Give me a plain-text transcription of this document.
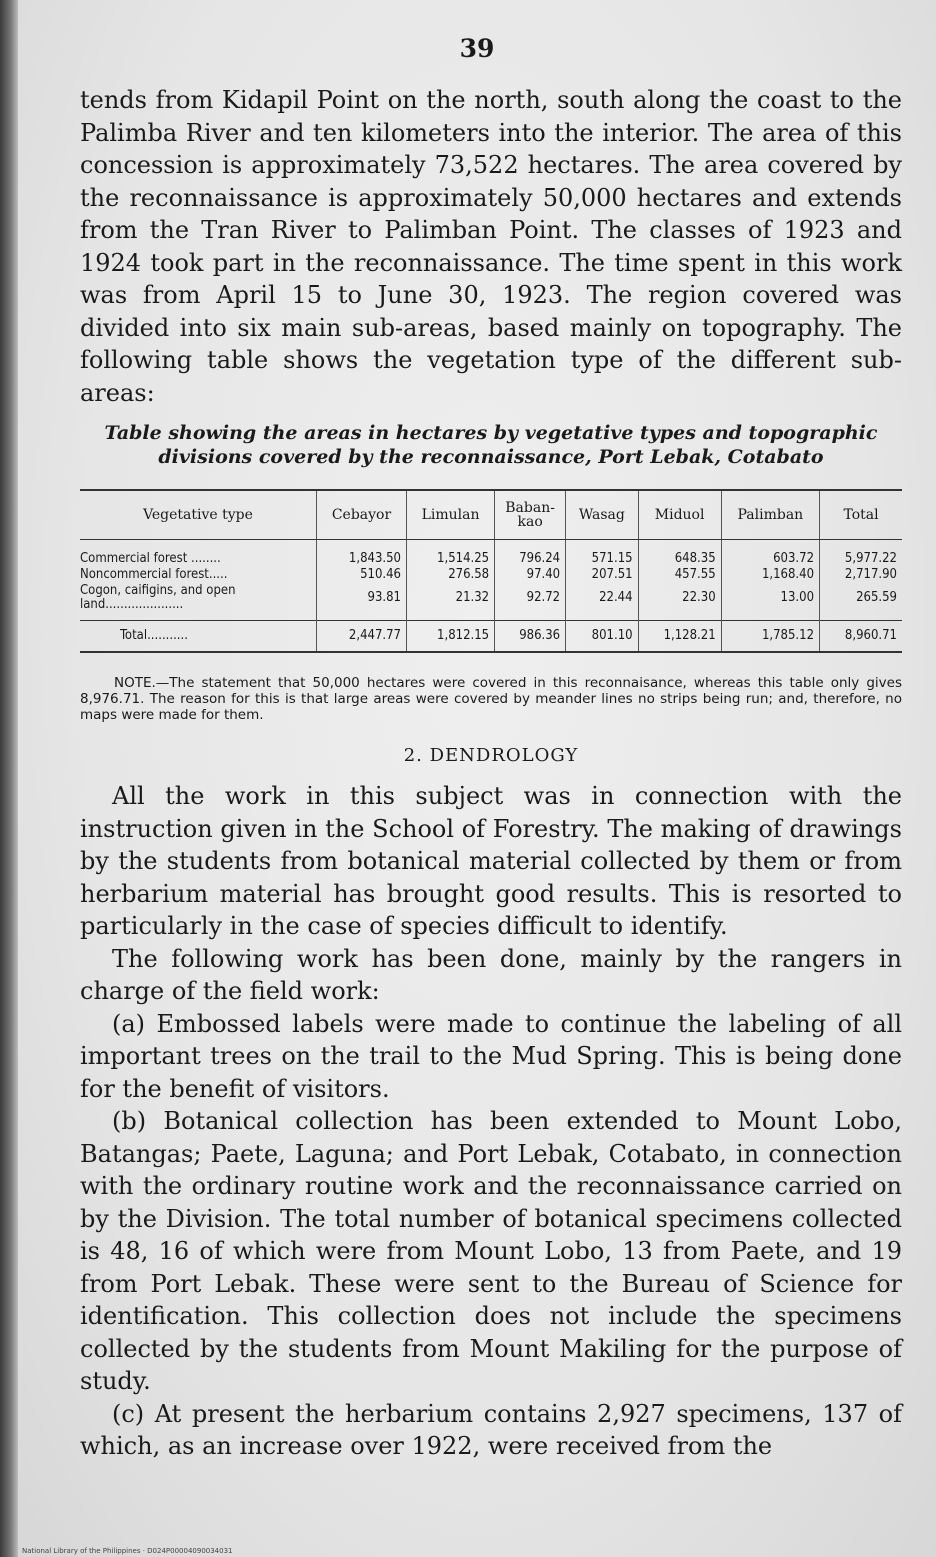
39

tends from Kidapil Point on the north, south along the coast to the Palimba River and ten kilometers into the interior. The area of this concession is approximately 73,522 hectares. The area covered by the reconnaissance is approximately 50,000 hectares and extends from the Tran River to Palimban Point. The classes of 1923 and 1924 took part in the reconnaissance. The time spent in this work was from April 15 to June 30, 1923. The region covered was divided into six main sub-areas, based mainly on topography. The following table shows the vegetation type of the different sub-areas:

Table showing the areas in hectares by vegetative types and topographic divisions covered by the reconnaissance, Port Lebak, Cotabato

Vegetative type	Cebayor	Limulan	Baban-kao	Wasag	Miduol	Palimban	Total
Commercial forest ........	1,843.50	1,514.25	796.24	571.15	648.35	603.72	5,977.22
Noncommercial forest.....	510.46	276.58	97.40	207.51	457.55	1,168.40	2,717.90
Cogon, caifigins, and open land.....................	93.81	21.32	92.72	22.44	22.30	13.00	265.59
Total...........	2,447.77	1,812.15	986.36	801.10	1,128.21	1,785.12	8,960.71

NOTE.—The statement that 50,000 hectares were covered in this reconnaisance, whereas this table only gives 8,976.71. The reason for this is that large areas were covered by meander lines no strips being run; and, therefore, no maps were made for them.

2. DENDROLOGY

All the work in this subject was in connection with the instruction given in the School of Forestry. The making of drawings by the students from botanical material collected by them or from herbarium material has brought good results. This is resorted to particularly in the case of species difficult to identify.

The following work has been done, mainly by the rangers in charge of the field work:

(a) Embossed labels were made to continue the labeling of all important trees on the trail to the Mud Spring. This is being done for the benefit of visitors.

(b) Botanical collection has been extended to Mount Lobo, Batangas; Paete, Laguna; and Port Lebak, Cotabato, in connection with the ordinary routine work and the reconnaissance carried on by the Division. The total number of botanical specimens collected is 48, 16 of which were from Mount Lobo, 13 from Paete, and 19 from Port Lebak. These were sent to the Bureau of Science for identification. This collection does not include the specimens collected by the students from Mount Makiling for the purpose of study.

(c) At present the herbarium contains 2,927 specimens, 137 of which, as an increase over 1922, were received from the

National Library of the Philippines · D024P00004090034031
